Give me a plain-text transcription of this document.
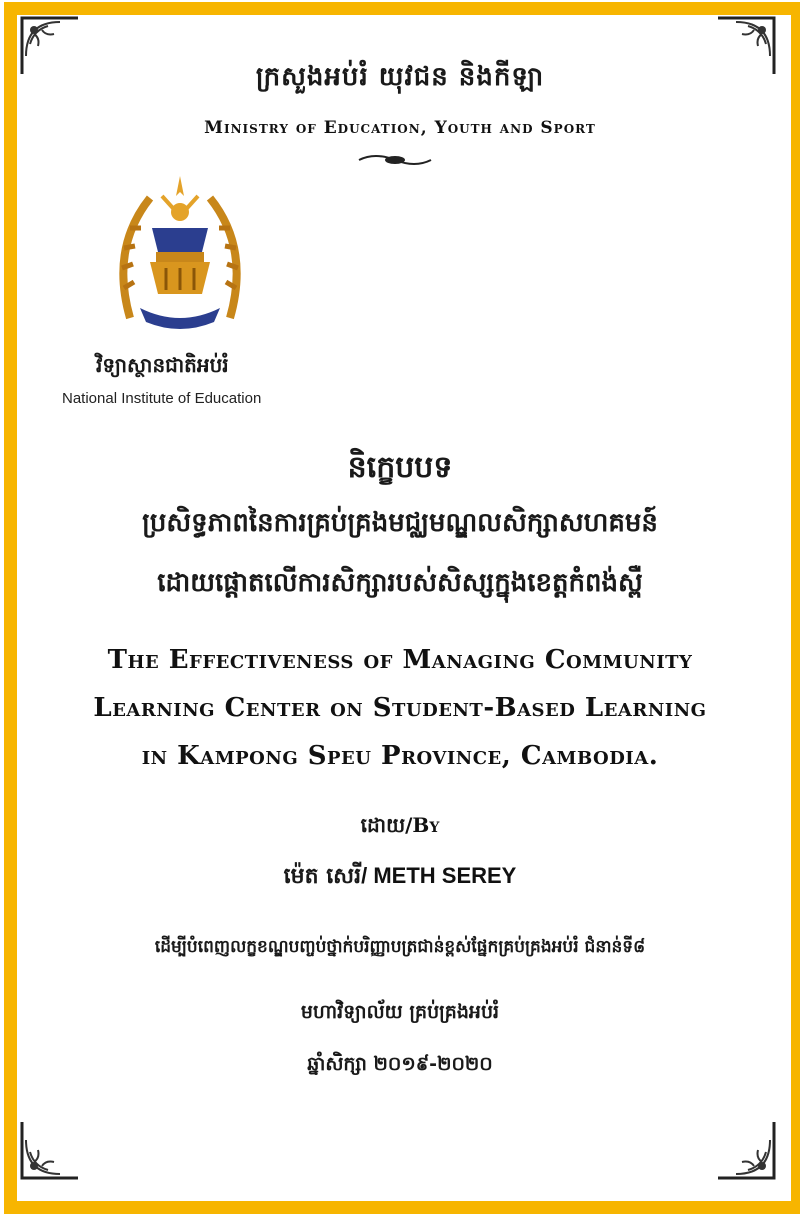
ក្រសួងអប់រំ យុវជន និងកីឡា
Ministry of Education, Youth and Sport
វិទ្យាស្ថានជាតិអប់រំ
National Institute of Education
និក្ខេបបទ
ប្រសិទ្ធភាពនៃការគ្រប់គ្រងមជ្ឈមណ្ឌលសិក្សាសហគមន៍
ដោយផ្តោតលើការសិក្សារបស់សិស្សក្នុងខេត្តកំពង់ស្ពឺ
The Effectiveness of Managing Community
Learning Center on Student-Based Learning
in Kampong Speu Province, Cambodia.
ដោយ/By
ម៉េត សេរី/ METH SEREY
ដើម្បីបំពេញលក្ខខណ្ឌបញ្ចប់ថ្នាក់បរិញ្ញាបត្រជាន់ខ្ពស់ផ្នែកគ្រប់គ្រងអប់រំ ជំនាន់ទី៨
មហាវិទ្យាល័យ គ្រប់គ្រងអប់រំ
ឆ្នាំសិក្សា ២០១៩-២០២០
